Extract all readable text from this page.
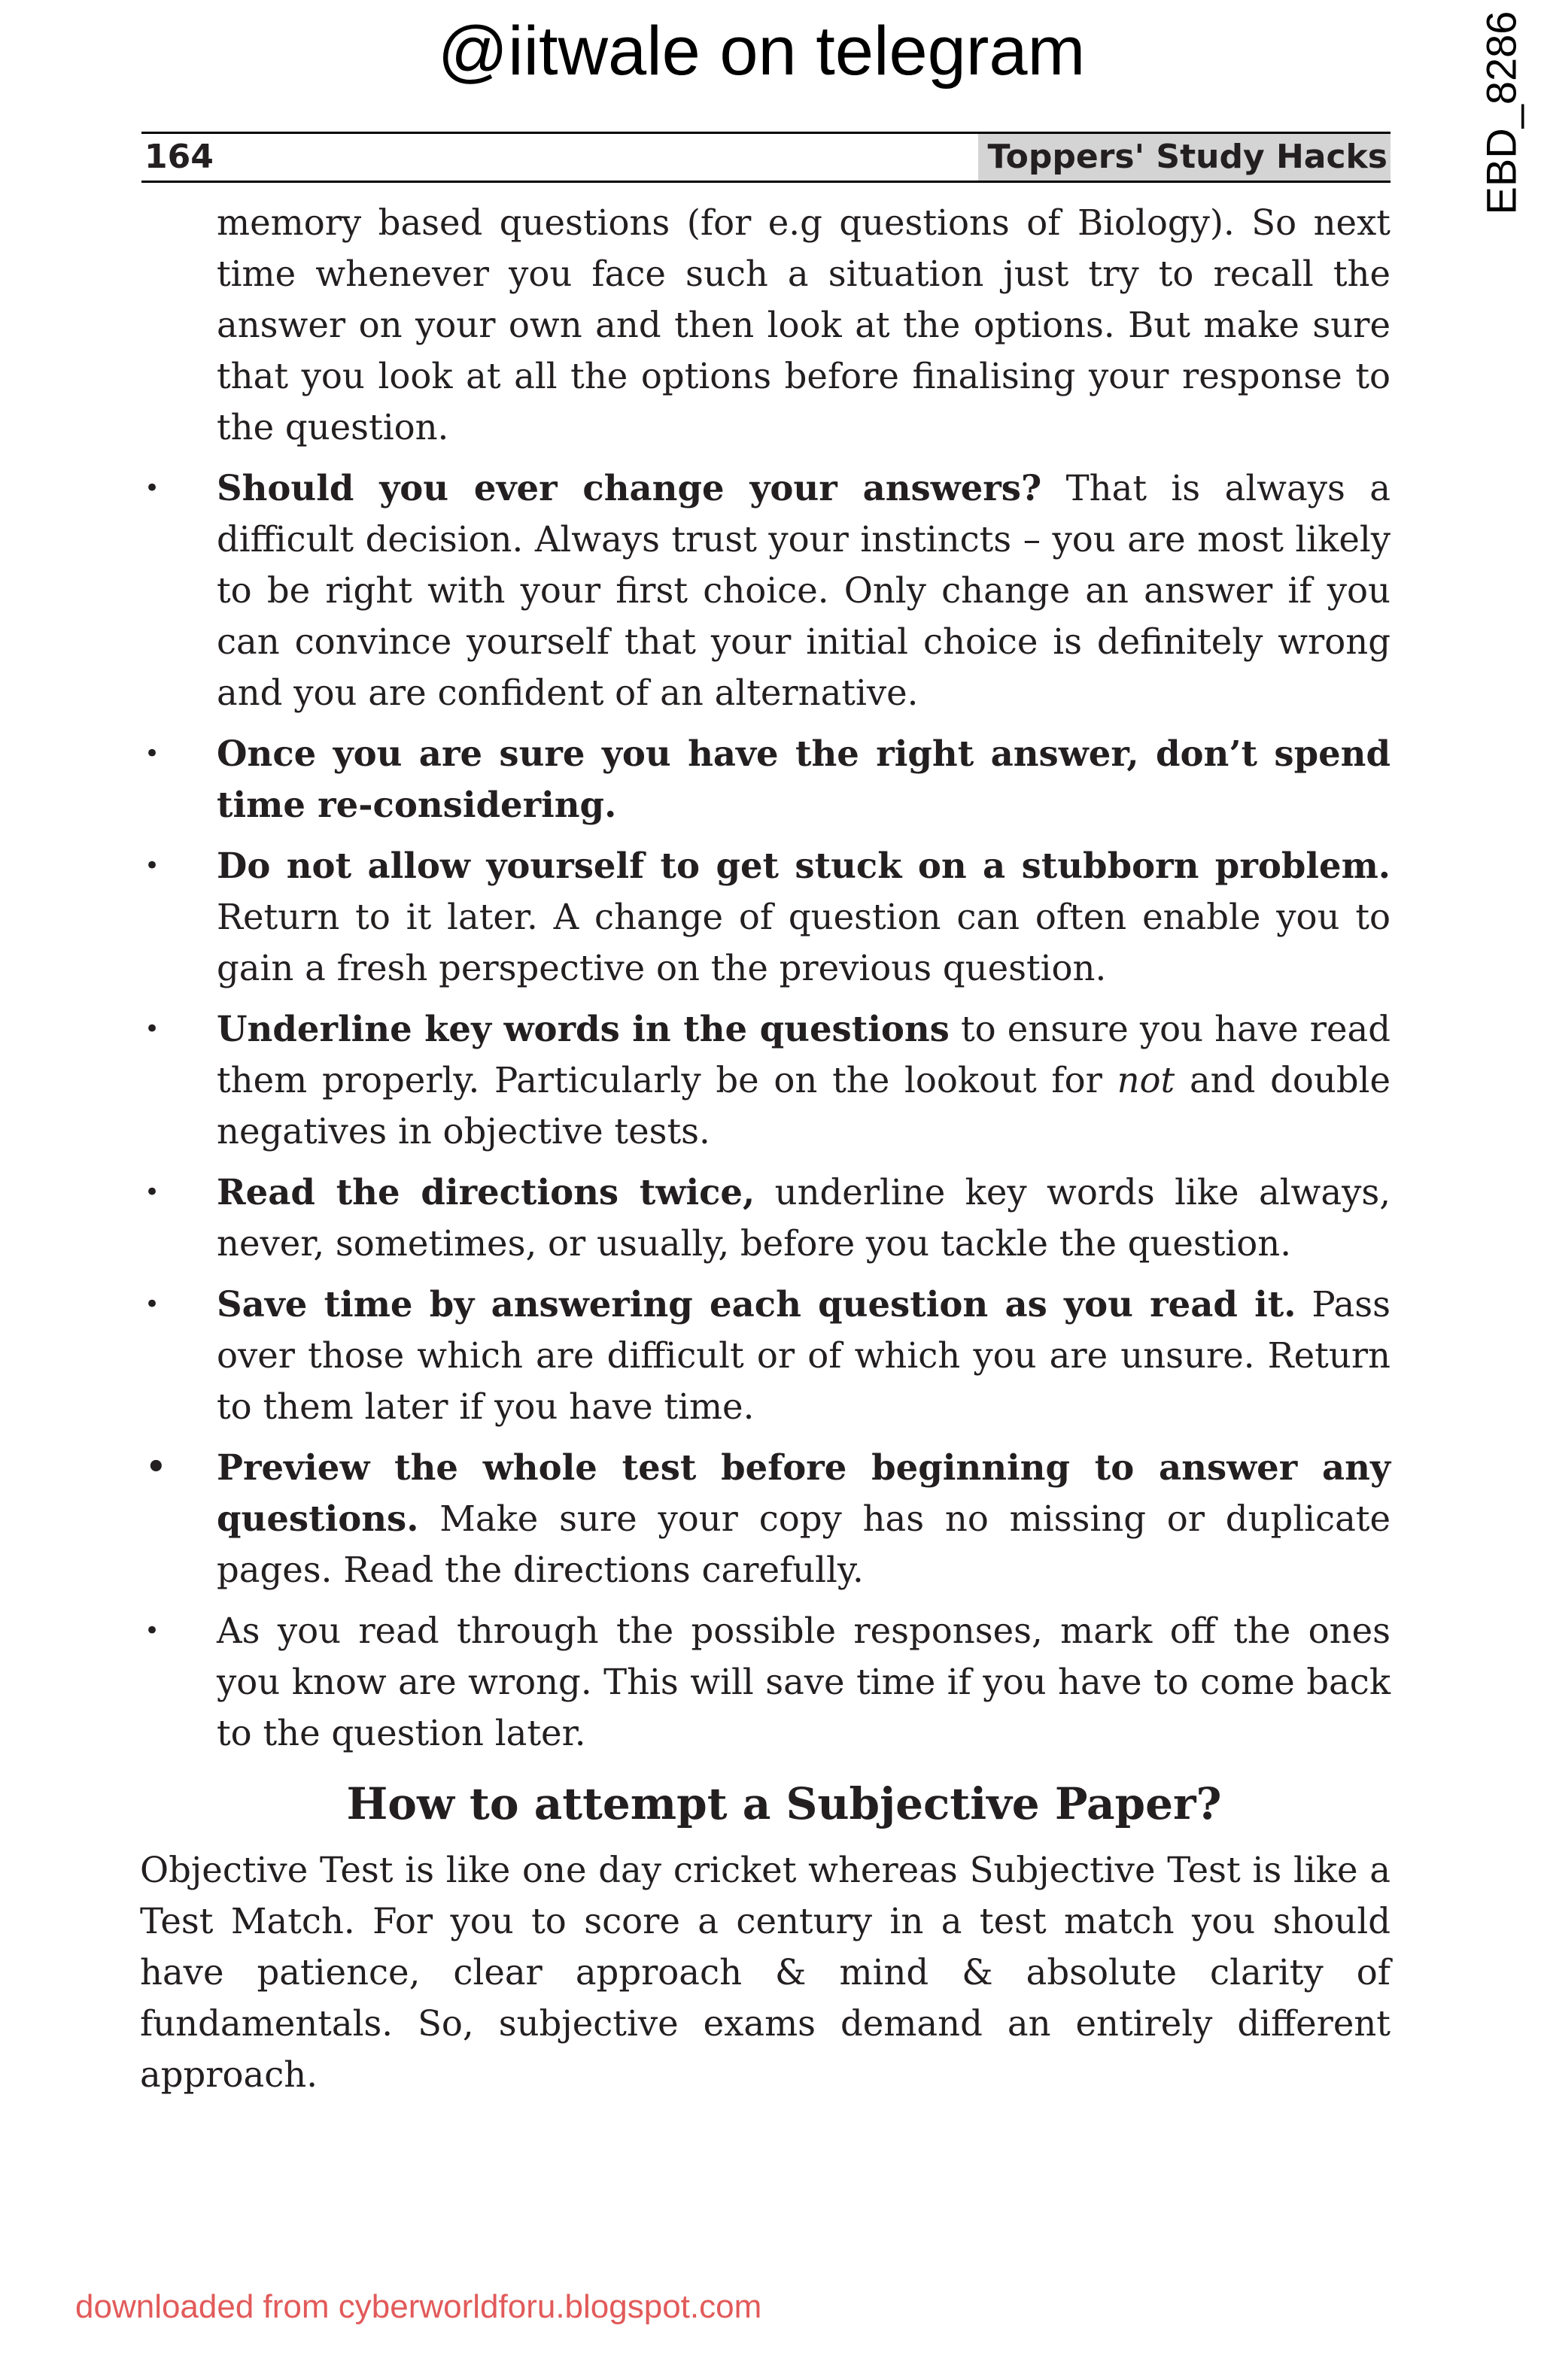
@iitwale on telegram	EBD_8286
164	Toppers' Study Hacks

memory based questions (for e.g questions of Biology). So next time whenever you face such a situation just try to recall the answer on your own and then look at the options. But make sure that you look at all the options before finalising your response to the question.

• Should you ever change your answers? That is always a difficult decision. Always trust your instincts – you are most likely to be right with your first choice. Only change an answer if you can convince yourself that your initial choice is definitely wrong and you are confident of an alternative.
• Once you are sure you have the right answer, don’t spend time re-considering.
• Do not allow yourself to get stuck on a stubborn problem. Return to it later. A change of question can often enable you to gain a fresh perspective on the previous question.
• Underline key words in the questions to ensure you have read them properly. Particularly be on the lookout for not and double negatives in objective tests.
• Read the directions twice, underline key words like always, never, sometimes, or usually, before you tackle the question.
• Save time by answering each question as you read it. Pass over those which are difficult or of which you are unsure. Return to them later if you have time.
• Preview the whole test before beginning to answer any questions. Make sure your copy has no missing or duplicate pages. Read the directions carefully.
• As you read through the possible responses, mark off the ones you know are wrong. This will save time if you have to come back to the question later.
How to attempt a Subjective Paper?

Objective Test is like one day cricket whereas Subjective Test is like a Test Match. For you to score a century in a test match you should have patience, clear approach & mind & absolute clarity of fundamentals. So, subjective exams demand an entirely different approach.

downloaded from cyberworldforu.blogspot.com
